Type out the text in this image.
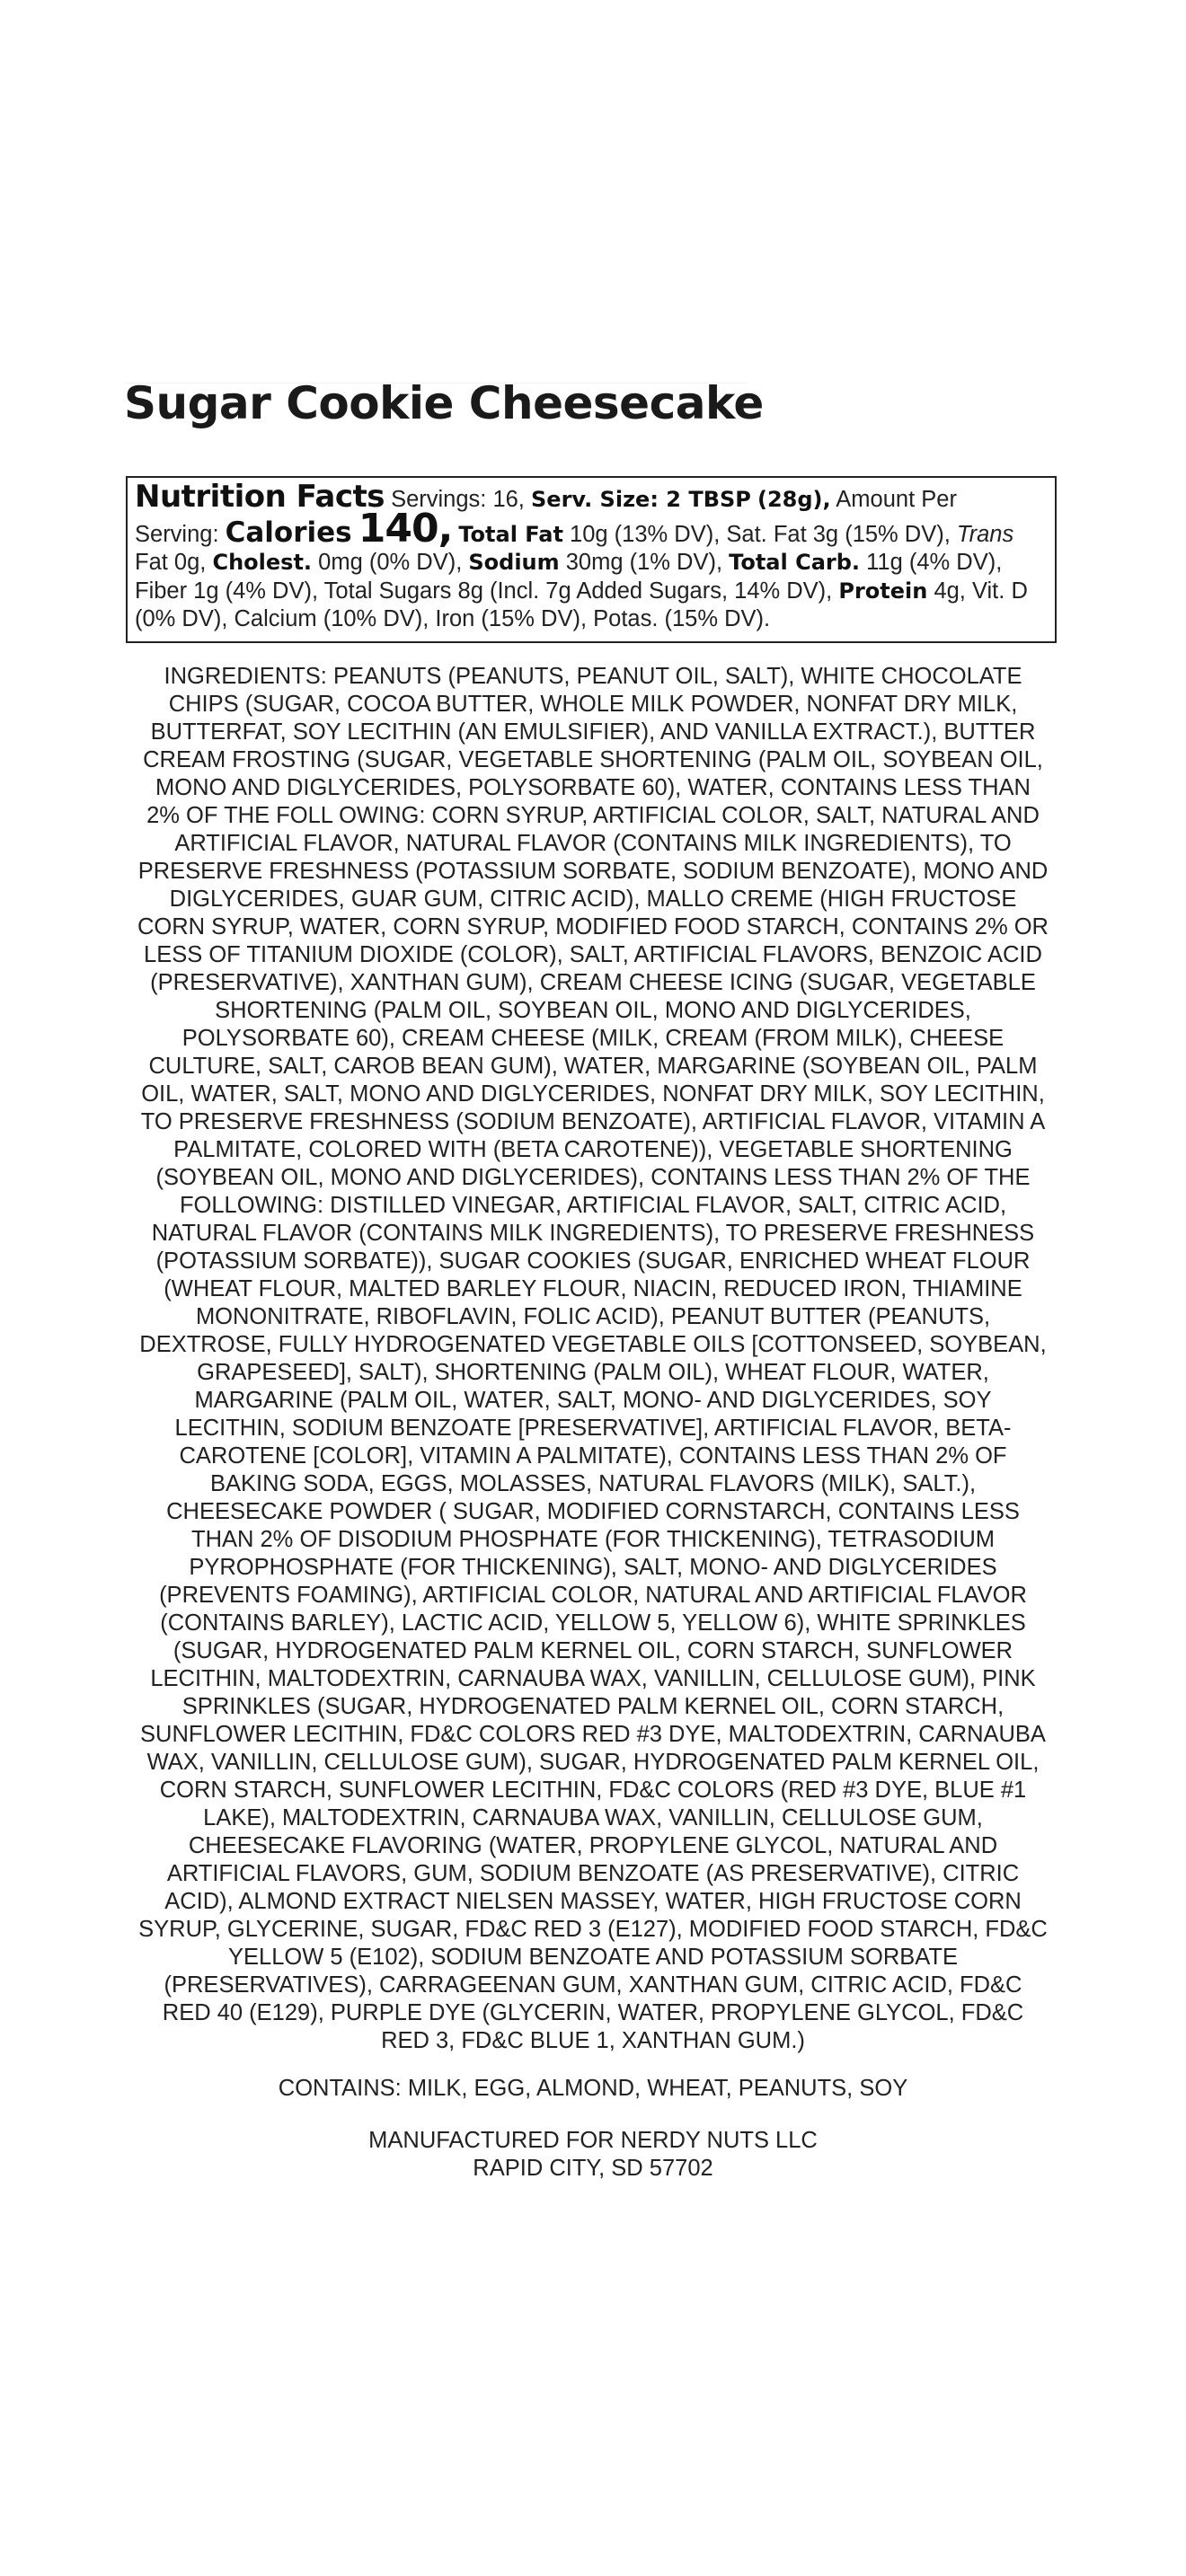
Sugar Cookie Cheesecake
Nutrition Facts Servings: 16, Serv. Size: 2 TBSP (28g), Amount Per Serving: Calories 140, Total Fat 10g (13% DV), Sat. Fat 3g (15% DV), Trans Fat 0g, Cholest. 0mg (0% DV), Sodium 30mg (1% DV), Total Carb. 11g (4% DV), Fiber 1g (4% DV), Total Sugars 8g (Incl. 7g Added Sugars, 14% DV), Protein 4g, Vit. D (0% DV), Calcium (10% DV), Iron (15% DV), Potas. (15% DV).
INGREDIENTS: PEANUTS (PEANUTS, PEANUT OIL, SALT), WHITE CHOCOLATE
CHIPS (SUGAR, COCOA BUTTER, WHOLE MILK POWDER, NONFAT DRY MILK,
BUTTERFAT, SOY LECITHIN (AN EMULSIFIER), AND VANILLA EXTRACT.), BUTTER
CREAM FROSTING (SUGAR, VEGETABLE SHORTENING (PALM OIL, SOYBEAN OIL,
MONO AND DIGLYCERIDES, POLYSORBATE 60), WATER, CONTAINS LESS THAN
2% OF THE FOLL OWING: CORN SYRUP, ARTIFICIAL COLOR, SALT, NATURAL AND
ARTIFICIAL FLAVOR, NATURAL FLAVOR (CONTAINS MILK INGREDIENTS), TO
PRESERVE FRESHNESS (POTASSIUM SORBATE, SODIUM BENZOATE), MONO AND
DIGLYCERIDES, GUAR GUM, CITRIC ACID), MALLO CREME (HIGH FRUCTOSE
CORN SYRUP, WATER, CORN SYRUP, MODIFIED FOOD STARCH, CONTAINS 2% OR
LESS OF TITANIUM DIOXIDE (COLOR), SALT, ARTIFICIAL FLAVORS, BENZOIC ACID
(PRESERVATIVE), XANTHAN GUM), CREAM CHEESE ICING (SUGAR, VEGETABLE
SHORTENING (PALM OIL, SOYBEAN OIL, MONO AND DIGLYCERIDES,
POLYSORBATE 60), CREAM CHEESE (MILK, CREAM (FROM MILK), CHEESE
CULTURE, SALT, CAROB BEAN GUM), WATER, MARGARINE (SOYBEAN OIL, PALM
OIL, WATER, SALT, MONO AND DIGLYCERIDES, NONFAT DRY MILK, SOY LECITHIN,
TO PRESERVE FRESHNESS (SODIUM BENZOATE), ARTIFICIAL FLAVOR, VITAMIN A
PALMITATE, COLORED WITH (BETA CAROTENE)), VEGETABLE SHORTENING
(SOYBEAN OIL, MONO AND DIGLYCERIDES), CONTAINS LESS THAN 2% OF THE
FOLLOWING: DISTILLED VINEGAR, ARTIFICIAL FLAVOR, SALT, CITRIC ACID,
NATURAL FLAVOR (CONTAINS MILK INGREDIENTS), TO PRESERVE FRESHNESS
(POTASSIUM SORBATE)), SUGAR COOKIES (SUGAR, ENRICHED WHEAT FLOUR
(WHEAT FLOUR, MALTED BARLEY FLOUR, NIACIN, REDUCED IRON, THIAMINE
MONONITRATE, RIBOFLAVIN, FOLIC ACID), PEANUT BUTTER (PEANUTS,
DEXTROSE, FULLY HYDROGENATED VEGETABLE OILS [COTTONSEED, SOYBEAN,
GRAPESEED], SALT), SHORTENING (PALM OIL), WHEAT FLOUR, WATER,
MARGARINE (PALM OIL, WATER, SALT, MONO- AND DIGLYCERIDES, SOY
LECITHIN, SODIUM BENZOATE [PRESERVATIVE], ARTIFICIAL FLAVOR, BETA-
CAROTENE [COLOR], VITAMIN A PALMITATE), CONTAINS LESS THAN 2% OF
BAKING SODA, EGGS, MOLASSES, NATURAL FLAVORS (MILK), SALT.),
CHEESECAKE POWDER ( SUGAR, MODIFIED CORNSTARCH, CONTAINS LESS
THAN 2% OF DISODIUM PHOSPHATE (FOR THICKENING), TETRASODIUM
PYROPHOSPHATE (FOR THICKENING), SALT, MONO- AND DIGLYCERIDES
(PREVENTS FOAMING), ARTIFICIAL COLOR, NATURAL AND ARTIFICIAL FLAVOR
(CONTAINS BARLEY), LACTIC ACID, YELLOW 5, YELLOW 6), WHITE SPRINKLES
(SUGAR, HYDROGENATED PALM KERNEL OIL, CORN STARCH, SUNFLOWER
LECITHIN, MALTODEXTRIN, CARNAUBA WAX, VANILLIN, CELLULOSE GUM), PINK
SPRINKLES (SUGAR, HYDROGENATED PALM KERNEL OIL, CORN STARCH,
SUNFLOWER LECITHIN, FD&C COLORS RED #3 DYE, MALTODEXTRIN, CARNAUBA
WAX, VANILLIN, CELLULOSE GUM), SUGAR, HYDROGENATED PALM KERNEL OIL,
CORN STARCH, SUNFLOWER LECITHIN, FD&C COLORS (RED #3 DYE, BLUE #1
LAKE), MALTODEXTRIN, CARNAUBA WAX, VANILLIN, CELLULOSE GUM,
CHEESECAKE FLAVORING (WATER, PROPYLENE GLYCOL, NATURAL AND
ARTIFICIAL FLAVORS, GUM, SODIUM BENZOATE (AS PRESERVATIVE), CITRIC
ACID), ALMOND EXTRACT NIELSEN MASSEY, WATER, HIGH FRUCTOSE CORN
SYRUP, GLYCERINE, SUGAR, FD&C RED 3 (E127), MODIFIED FOOD STARCH, FD&C
YELLOW 5 (E102), SODIUM BENZOATE AND POTASSIUM SORBATE
(PRESERVATIVES), CARRAGEENAN GUM, XANTHAN GUM, CITRIC ACID, FD&C
RED 40 (E129), PURPLE DYE (GLYCERIN, WATER, PROPYLENE GLYCOL, FD&C
RED 3, FD&C BLUE 1, XANTHAN GUM.)

CONTAINS: MILK, EGG, ALMOND, WHEAT, PEANUTS, SOY

MANUFACTURED FOR NERDY NUTS LLC
RAPID CITY, SD 57702
